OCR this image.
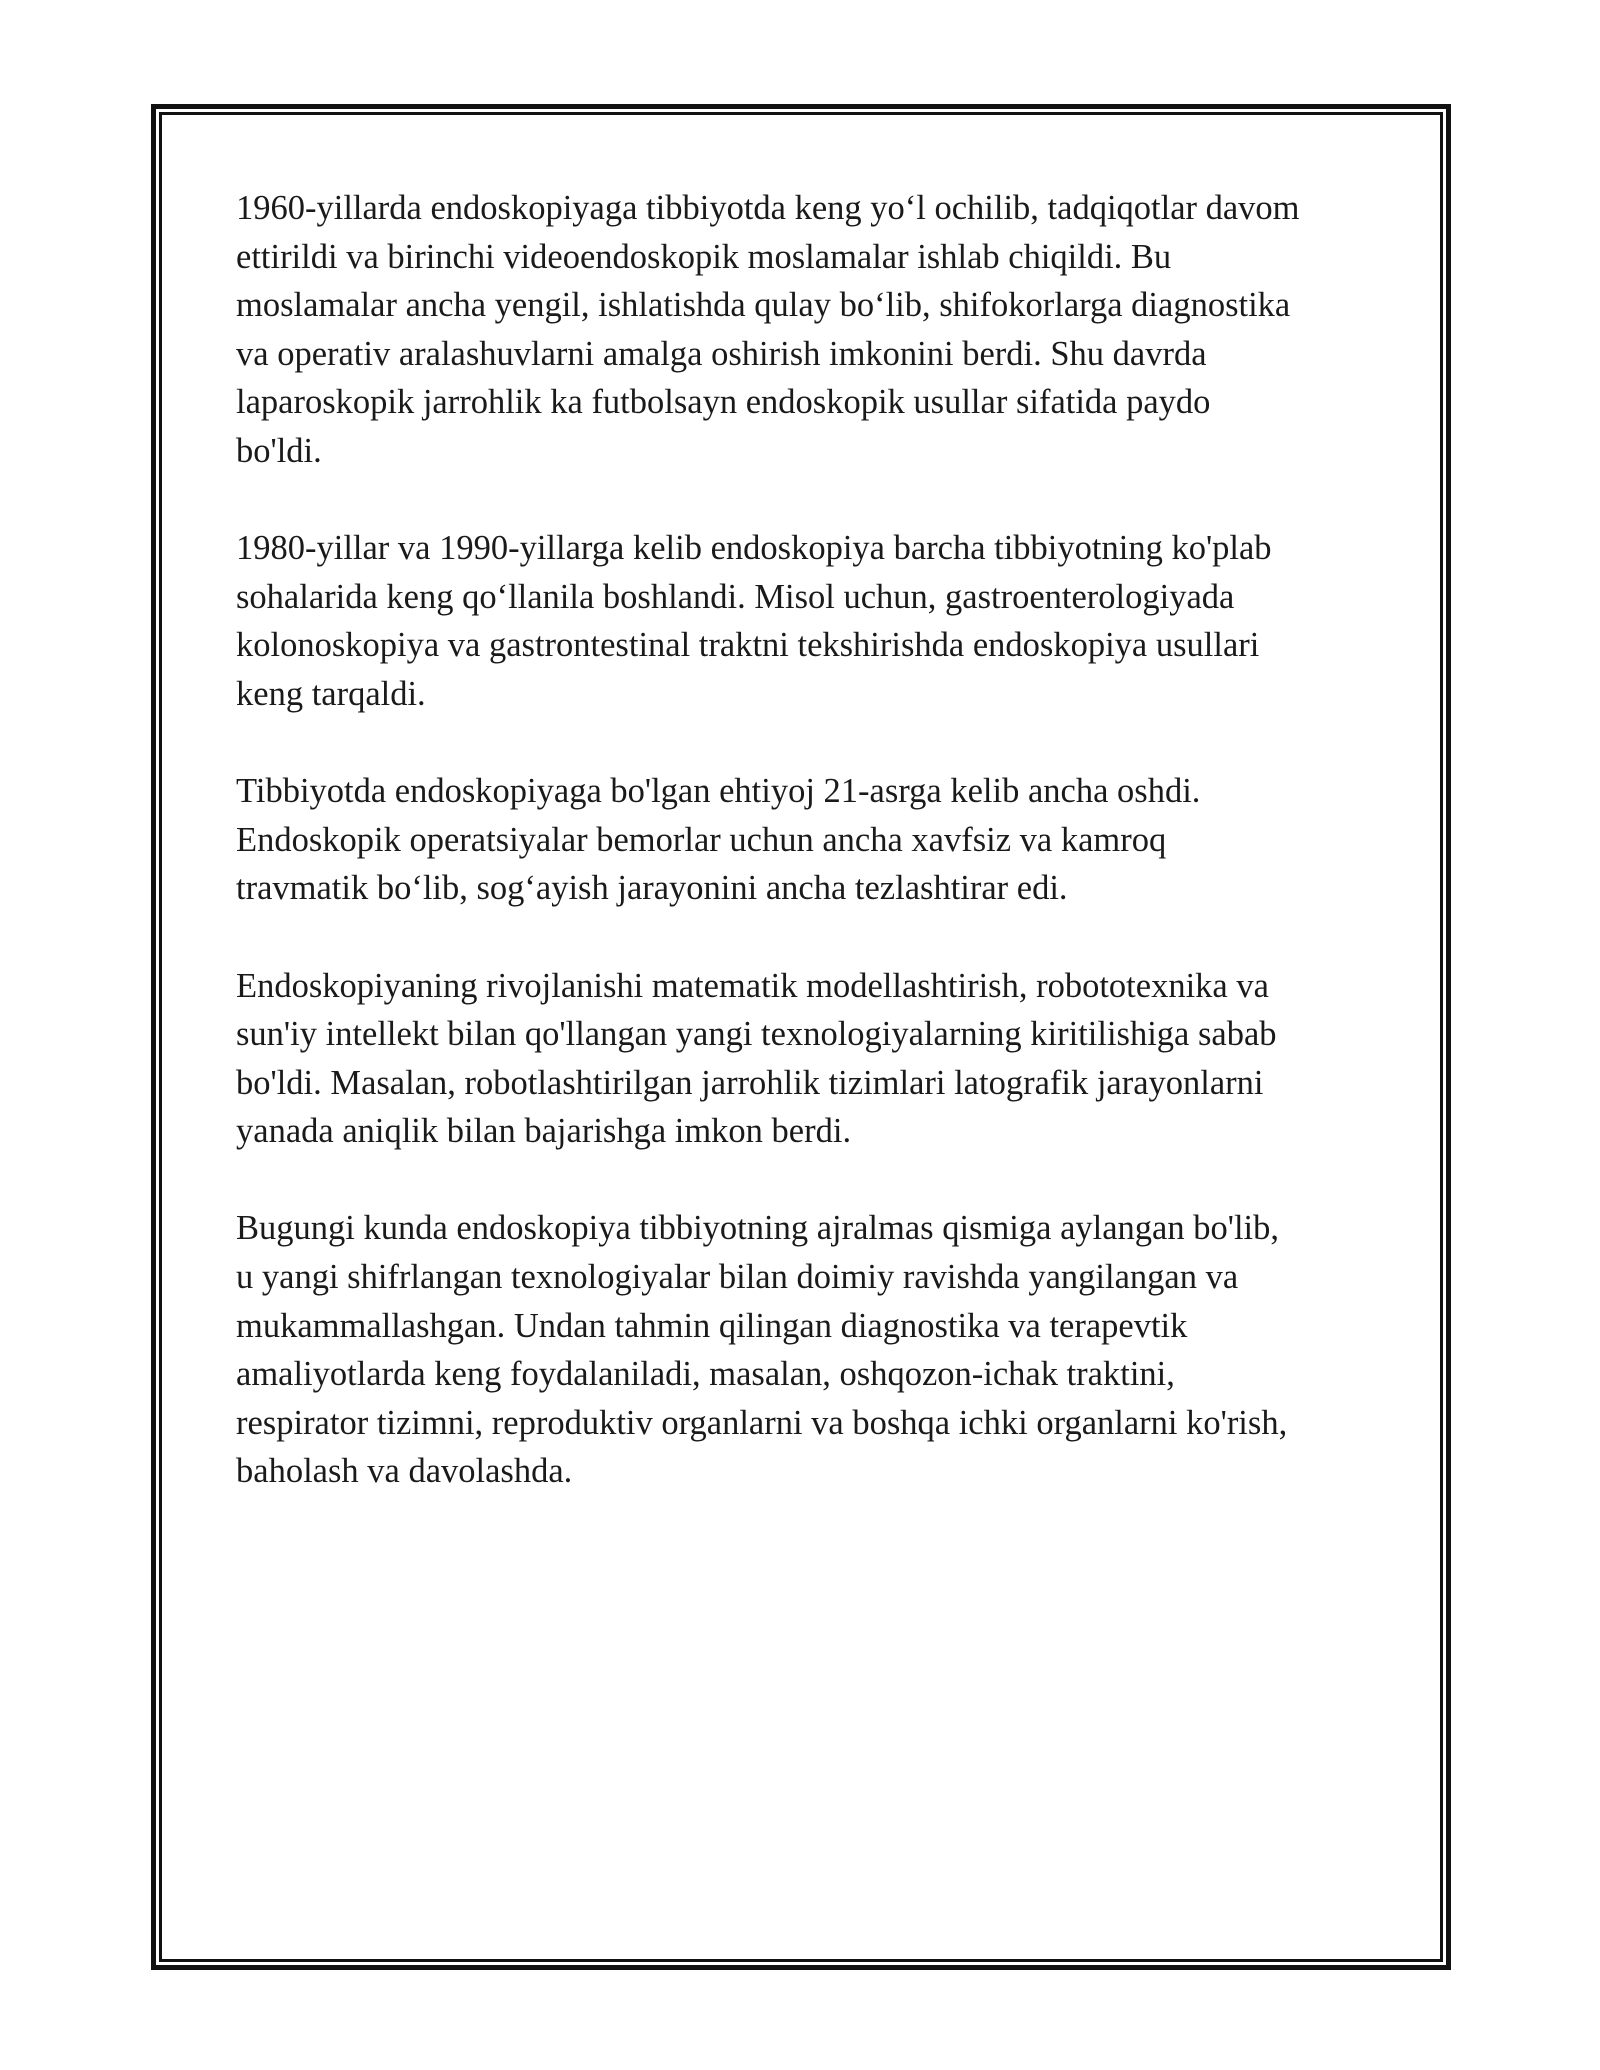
1960-yillarda endoskopiyaga tibbiyotda keng yo‘l ochilib, tadqiqotlar davom
ettirildi va birinchi videoendoskopik moslamalar ishlab chiqildi. Bu
moslamalar ancha yengil, ishlatishda qulay bo‘lib, shifokorlarga diagnostika
va operativ aralashuvlarni amalga oshirish imkonini berdi. Shu davrda
laparoskopik jarrohlik ka futbolsayn endoskopik usullar sifatida paydo
bo'ldi.

1980-yillar va 1990-yillarga kelib endoskopiya barcha tibbiyotning ko'plab
sohalarida keng qo‘llanila boshlandi. Misol uchun, gastroenterologiyada
kolonoskopiya va gastrontestinal traktni tekshirishda endoskopiya usullari
keng tarqaldi.

Tibbiyotda endoskopiyaga bo'lgan ehtiyoj 21-asrga kelib ancha oshdi.
Endoskopik operatsiyalar bemorlar uchun ancha xavfsiz va kamroq
travmatik bo‘lib, sog‘ayish jarayonini ancha tezlashtirar edi.

Endoskopiyaning rivojlanishi matematik modellashtirish, robototexnika va
sun'iy intellekt bilan qo'llangan yangi texnologiyalarning kiritilishiga sabab
bo'ldi. Masalan, robotlashtirilgan jarrohlik tizimlari latografik jarayonlarni
yanada aniqlik bilan bajarishga imkon berdi.

Bugungi kunda endoskopiya tibbiyotning ajralmas qismiga aylangan bo'lib,
u yangi shifrlangan texnologiyalar bilan doimiy ravishda yangilangan va
mukammallashgan. Undan tahmin qilingan diagnostika va terapevtik
amaliyotlarda keng foydalaniladi, masalan, oshqozon-ichak traktini,
respirator tizimni, reproduktiv organlarni va boshqa ichki organlarni ko'rish,
baholash va davolashda.
